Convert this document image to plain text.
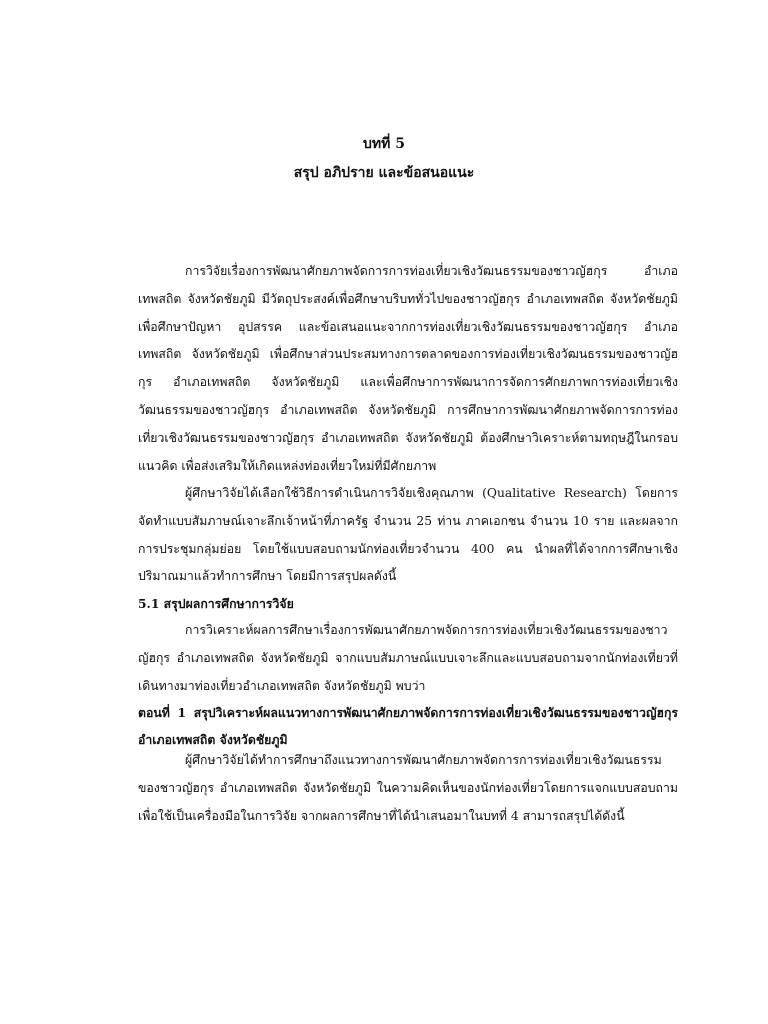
บทที่ 5
สรุป อภิปราย และข้อสนอแนะ

การวิจัยเรื่องการพัฒนาศักยภาพจัดการการท่องเที่ยวเชิงวัฒนธรรมของชาวญัฮกุร อำเภอเทพสถิต จังหวัดชัยภูมิ มีวัตถุประสงค์เพื่อศึกษาบริบททั่วไปของชาวญัฮกุร อำเภอเทพสถิต จังหวัดชัยภูมิ เพื่อศึกษาปัญหา อุปสรรค และข้อเสนอแนะจากการท่องเที่ยวเชิงวัฒนธรรมของชาวญัฮกุร อำเภอเทพสถิต จังหวัดชัยภูมิ เพื่อศึกษาส่วนประสมทางการตลาดของการท่องเที่ยวเชิงวัฒนธรรมของชาวญัฮกุร อำเภอเทพสถิต จังหวัดชัยภูมิ และเพื่อศึกษาการพัฒนาการจัดการศักยภาพการท่องเที่ยวเชิงวัฒนธรรมของชาวญัฮกุร อำเภอเทพสถิต จังหวัดชัยภูมิ การศึกษาการพัฒนาศักยภาพจัดการการท่องเที่ยวเชิงวัฒนธรรมของชาวญัฮกุร อำเภอเทพสถิต จังหวัดชัยภูมิ ต้องศึกษาวิเคราะห์ตามทฤษฎีในกรอบแนวคิด เพื่อส่งเสริมให้เกิดแหล่งท่องเที่ยวใหม่ที่มีศักยภาพ

ผู้ศึกษาวิจัยได้เลือกใช้วิธีการดำเนินการวิจัยเชิงคุณภาพ (Qualitative Research) โดยการจัดทำแบบสัมภาษณ์เจาะลึกเจ้าหน้าที่ภาครัฐ จำนวน 25 ท่าน ภาคเอกชน จำนวน 10 ราย และผลจากการประชุมกลุ่มย่อย โดยใช้แบบสอบถามนักท่องเที่ยวจำนวน 400 คน นำผลที่ได้จากการศึกษาเชิงปริมาณมาแล้วทำการศึกษา โดยมีการสรุปผลดังนี้

5.1 สรุปผลการศึกษาการวิจัย

การวิเคราะห์ผลการศึกษาเรื่องการพัฒนาศักยภาพจัดการการท่องเที่ยวเชิงวัฒนธรรมของชาวญัฮกุร อำเภอเทพสถิต จังหวัดชัยภูมิ จากแบบสัมภาษณ์แบบเจาะลึกและแบบสอบถามจากนักท่องเที่ยวที่เดินทางมาท่องเที่ยวอำเภอเทพสถิต จังหวัดชัยภูมิ พบว่า

ตอนที่ 1 สรุปวิเคราะห์ผลแนวทางการพัฒนาศักยภาพจัดการการท่องเที่ยวเชิงวัฒนธรรมของชาวญัฮกุร อำเภอเทพสถิต จังหวัดชัยภูมิ

ผู้ศึกษาวิจัยได้ทำการศึกษาถึงแนวทางการพัฒนาศักยภาพจัดการการท่องเที่ยวเชิงวัฒนธรรมของชาวญัฮกุร อำเภอเทพสถิต จังหวัดชัยภูมิ ในความคิดเห็นของนักท่องเที่ยวโดยการแจกแบบสอบถามเพื่อใช้เป็นเครื่องมือในการวิจัย จากผลการศึกษาที่ได้นำเสนอมาในบทที่ 4 สามารถสรุปได้ดังนี้
